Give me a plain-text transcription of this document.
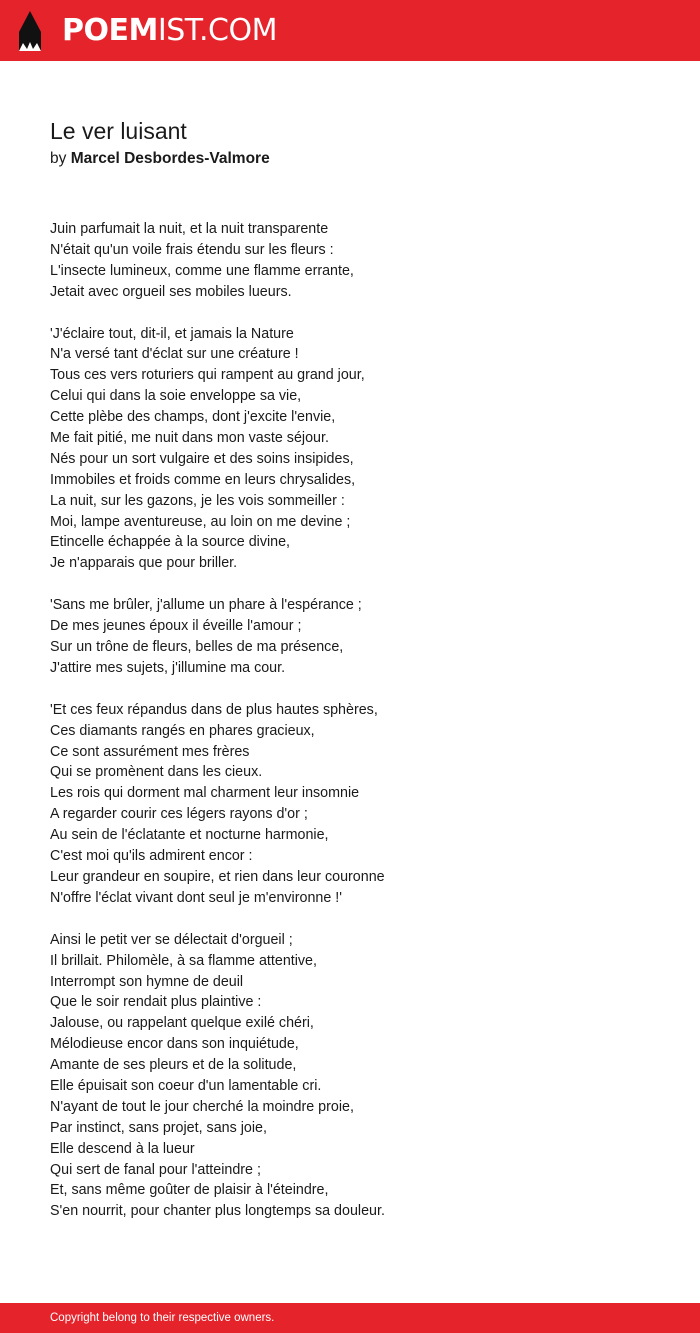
POEMIST.COM
Le ver luisant
by Marcel Desbordes-Valmore
Juin parfumait la nuit, et la nuit transparente
N'était qu'un voile frais étendu sur les fleurs :
L'insecte lumineux, comme une flamme errante,
Jetait avec orgueil ses mobiles lueurs.
'J'éclaire tout, dit-il, et jamais la Nature
N'a versé tant d'éclat sur une créature !
Tous ces vers roturiers qui rampent au grand jour,
Celui qui dans la soie enveloppe sa vie,
Cette plèbe des champs, dont j'excite l'envie,
Me fait pitié, me nuit dans mon vaste séjour.
Nés pour un sort vulgaire et des soins insipides,
Immobiles et froids comme en leurs chrysalides,
La nuit, sur les gazons, je les vois sommeiller :
Moi, lampe aventureuse, au loin on me devine ;
Etincelle échappée à la source divine,
Je n'apparais que pour briller.
'Sans me brûler, j'allume un phare à l'espérance ;
De mes jeunes époux il éveille l'amour ;
Sur un trône de fleurs, belles de ma présence,
J'attire mes sujets, j'illumine ma cour.
'Et ces feux répandus dans de plus hautes sphères,
Ces diamants rangés en phares gracieux,
Ce sont assurément mes frères
Qui se promènent dans les cieux.
Les rois qui dorment mal charment leur insomnie
A regarder courir ces légers rayons d'or ;
Au sein de l'éclatante et nocturne harmonie,
C'est moi qu'ils admirent encor :
Leur grandeur en soupire, et rien dans leur couronne
N'offre l'éclat vivant dont seul je m'environne !'
Ainsi le petit ver se délectait d'orgueil ;
Il brillait. Philomèle, à sa flamme attentive,
Interrompt son hymne de deuil
Que le soir rendait plus plaintive :
Jalouse, ou rappelant quelque exilé chéri,
Mélodieuse encor dans son inquiétude,
Amante de ses pleurs et de la solitude,
Elle épuisait son coeur d'un lamentable cri.
N'ayant de tout le jour cherché la moindre proie,
Par instinct, sans projet, sans joie,
Elle descend à la lueur
Qui sert de fanal pour l'atteindre ;
Et, sans même goûter de plaisir à l'éteindre,
S'en nourrit, pour chanter plus longtemps sa douleur.
Copyright belong to their respective owners.
